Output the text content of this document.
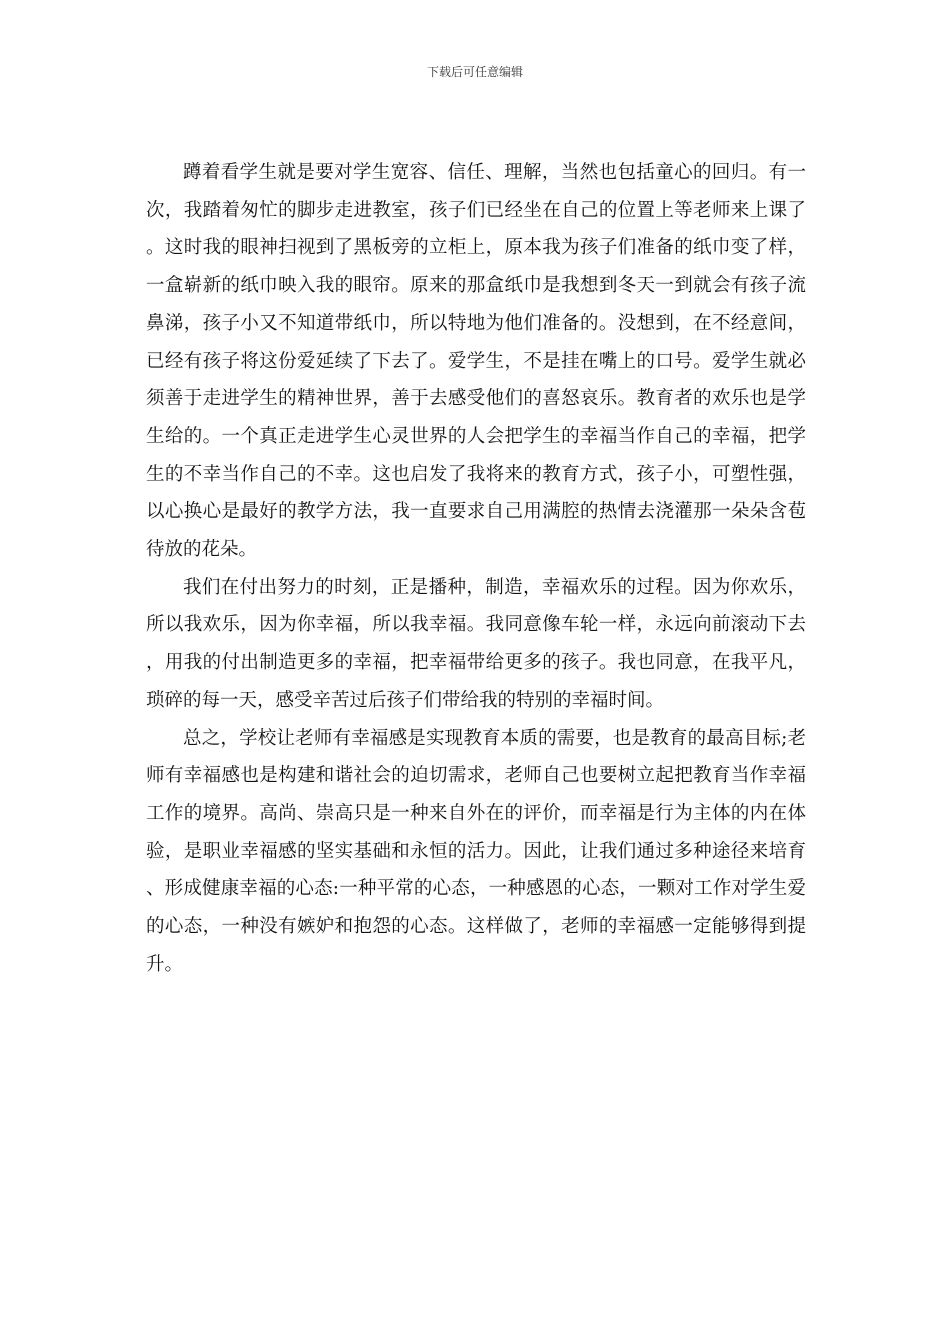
下载后可任意编辑

蹲着看学生就是要对学生宽容、信任、理解，当然也包括童心的回归。有一次，我踏着匆忙的脚步走进教室，孩子们已经坐在自己的位置上等老师来上课了。这时我的眼神扫视到了黑板旁的立柜上，原本我为孩子们准备的纸巾变了样，一盒崭新的纸巾映入我的眼帘。原来的那盒纸巾是我想到冬天一到就会有孩子流鼻涕，孩子小又不知道带纸巾，所以特地为他们准备的。没想到，在不经意间，已经有孩子将这份爱延续了下去了。爱学生，不是挂在嘴上的口号。爱学生就必须善于走进学生的精神世界，善于去感受他们的喜怒哀乐。教育者的欢乐也是学生给的。一个真正走进学生心灵世界的人会把学生的幸福当作自己的幸福，把学生的不幸当作自己的不幸。这也启发了我将来的教育方式，孩子小，可塑性强，以心换心是最好的教学方法，我一直要求自己用满腔的热情去浇灌那一朵朵含苞待放的花朵。

我们在付出努力的时刻，正是播种，制造，幸福欢乐的过程。因为你欢乐，所以我欢乐，因为你幸福，所以我幸福。我同意像车轮一样，永远向前滚动下去，用我的付出制造更多的幸福，把幸福带给更多的孩子。我也同意，在我平凡，琐碎的每一天，感受辛苦过后孩子们带给我的特别的幸福时间。

总之，学校让老师有幸福感是实现教育本质的需要，也是教育的最高目标;老师有幸福感也是构建和谐社会的迫切需求，老师自己也要树立起把教育当作幸福工作的境界。高尚、崇高只是一种来自外在的评价，而幸福是行为主体的内在体验，是职业幸福感的坚实基础和永恒的活力。因此，让我们通过多种途径来培育、形成健康幸福的心态:一种平常的心态，一种感恩的心态，一颗对工作对学生爱的心态，一种没有嫉妒和抱怨的心态。这样做了，老师的幸福感一定能够得到提升。
